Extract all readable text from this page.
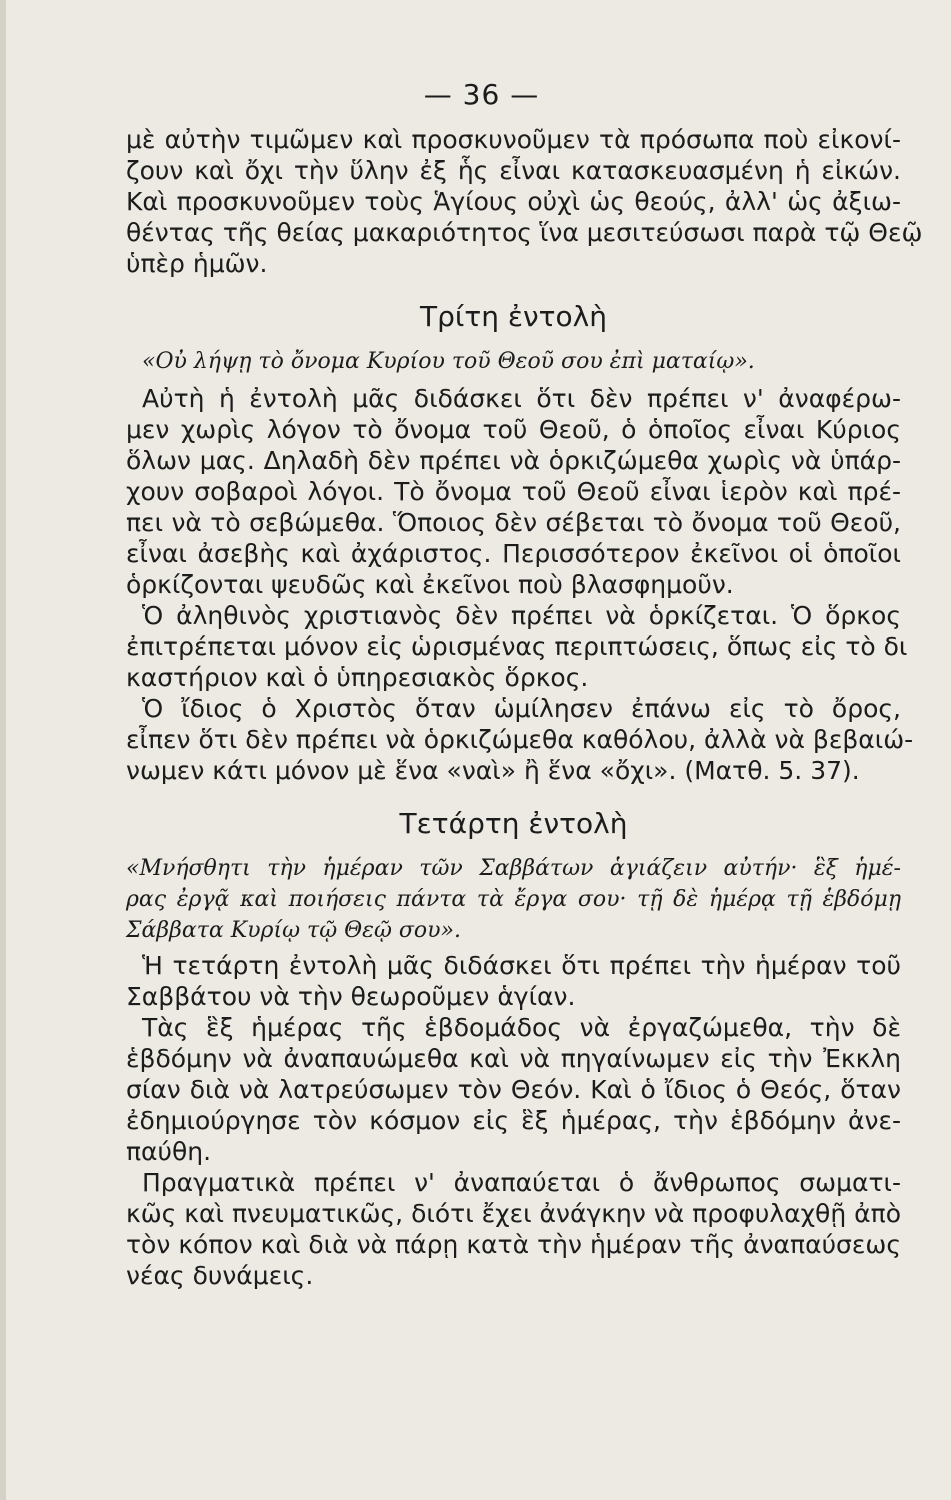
— 36 —
μὲ αὐτὴν τιμῶμεν καὶ προσκυνοῦμεν τὰ πρόσωπα ποὺ εἰκονί-
ζουν καὶ ὄχι τὴν ὕλην ἐξ ἧς εἶναι κατασκευασμένη ἡ εἰκών.
Καὶ προσκυνοῦμεν τοὺς Ἁγίους οὐχὶ ὡς θεούς, ἀλλ' ὡς ἀξιω-
θέντας τῆς θείας μακαριότητος ἵνα μεσιτεύσωσι παρὰ τῷ Θεῷ
ὑπὲρ ἡμῶν.
Τρίτη ἐντολὴ
«Οὐ λήψῃ τὸ ὄνομα Κυρίου τοῦ Θεοῦ σου ἐπὶ ματαίῳ».
Αὐτὴ ἡ ἐντολὴ μᾶς διδάσκει ὅτι δὲν πρέπει ν' ἀναφέρω-
μεν χωρὶς λόγον τὸ ὄνομα τοῦ Θεοῦ, ὁ ὁποῖος εἶναι Κύριος
ὅλων μας. Δηλαδὴ δὲν πρέπει νὰ ὁρκιζώμεθα χωρὶς νὰ ὑπάρ-
χουν σοβαροὶ λόγοι. Τὸ ὄνομα τοῦ Θεοῦ εἶναι ἱερὸν καὶ πρέ-
πει νὰ τὸ σεβώμεθα. Ὅποιος δὲν σέβεται τὸ ὄνομα τοῦ Θεοῦ,
εἶναι ἀσεβὴς καὶ ἀχάριστος. Περισσότερον ἐκεῖνοι οἱ ὁποῖοι
ὁρκίζονται ψευδῶς καὶ ἐκεῖνοι ποὺ βλασφημοῦν.
Ὁ ἀληθινὸς χριστιανὸς δὲν πρέπει νὰ ὁρκίζεται. Ὁ ὅρκος
ἐπιτρέπεται μόνον εἰς ὡρισμένας περιπτώσεις, ὅπως εἰς τὸ δι
καστήριον καὶ ὁ ὑπηρεσιακὸς ὅρκος.
Ὁ ἴδιος ὁ Χριστὸς ὅταν ὡμίλησεν ἐπάνω εἰς τὸ ὄρος,
εἶπεν ὅτι δὲν πρέπει νὰ ὁρκιζώμεθα καθόλου, ἀλλὰ νὰ βεβαιώ-
νωμεν κάτι μόνον μὲ ἕνα «ναὶ» ἢ ἕνα «ὄχι». (Ματθ. 5. 37).
Τετάρτη ἐντολὴ
«Μνήσθητι τὴν ἡμέραν τῶν Σαββάτων ἁγιάζειν αὐτήν· ἓξ ἡμέ-
ρας ἐργᾷ καὶ ποιήσεις πάντα τὰ ἔργα σου· τῇ δὲ ἡμέρᾳ τῇ ἑβδόμῃ
Σάββατα Κυρίῳ τῷ Θεῷ σου».
Ἡ τετάρτη ἐντολὴ μᾶς διδάσκει ὅτι πρέπει τὴν ἡμέραν τοῦ
Σαββάτου νὰ τὴν θεωροῦμεν ἁγίαν.
Τὰς ἓξ ἡμέρας τῆς ἑβδομάδος νὰ ἐργαζώμεθα, τὴν δὲ
ἑβδόμην νὰ ἀναπαυώμεθα καὶ νὰ πηγαίνωμεν εἰς τὴν Ἐκκλη
σίαν διὰ νὰ λατρεύσωμεν τὸν Θεόν. Καὶ ὁ ἴδιος ὁ Θεός, ὅταν
ἐδημιούργησε τὸν κόσμον εἰς ἓξ ἡμέρας, τὴν ἑβδόμην ἀνε-
παύθη.
Πραγματικὰ πρέπει ν' ἀναπαύεται ὁ ἄνθρωπος σωματι-
κῶς καὶ πνευματικῶς, διότι ἔχει ἀνάγκην νὰ προφυλαχθῇ ἀπὸ
τὸν κόπον καὶ διὰ νὰ πάρῃ κατὰ τὴν ἡμέραν τῆς ἀναπαύσεως
νέας δυνάμεις.
